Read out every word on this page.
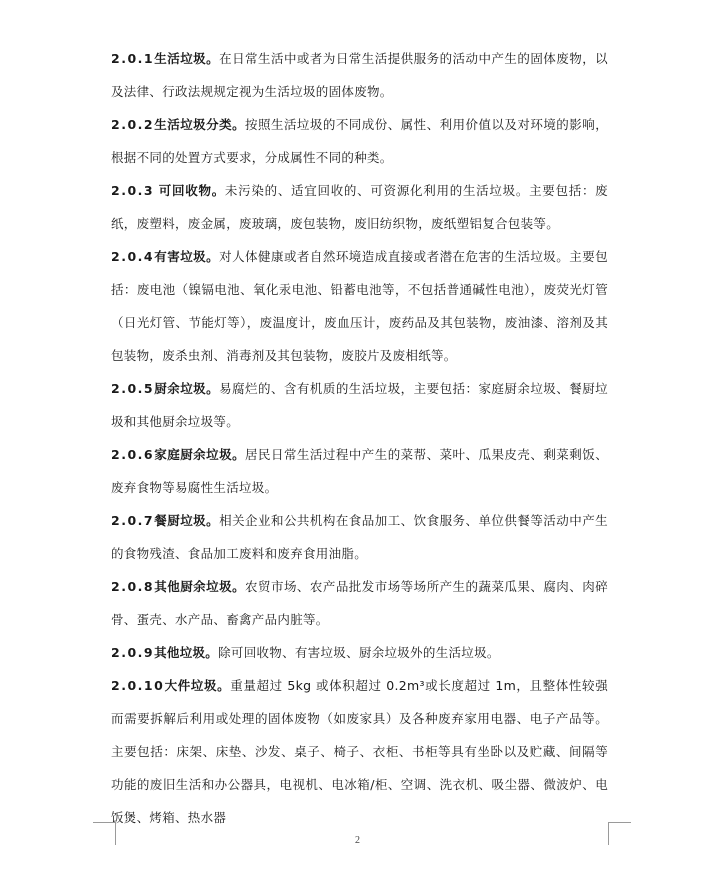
2.0.1生活垃圾。在日常生活中或者为日常生活提供服务的活动中产生的固体废物，以及法律、行政法规规定视为生活垃圾的固体废物。

2.0.2生活垃圾分类。按照生活垃圾的不同成份、属性、利用价值以及对环境的影响，根据不同的处置方式要求，分成属性不同的种类。

2.0.3 可回收物。未污染的、适宜回收的、可资源化利用的生活垃圾。主要包括：废纸，废塑料，废金属，废玻璃，废包装物，废旧纺织物，废纸塑铝复合包装等。

2.0.4有害垃圾。对人体健康或者自然环境造成直接或者潜在危害的生活垃圾。主要包括：废电池（镍镉电池、氧化汞电池、铅蓄电池等，不包括普通碱性电池），废荧光灯管（日光灯管、节能灯等），废温度计，废血压计，废药品及其包装物，废油漆、溶剂及其包装物，废杀虫剂、消毒剂及其包装物，废胶片及废相纸等。

2.0.5厨余垃圾。易腐烂的、含有机质的生活垃圾，主要包括：家庭厨余垃圾、餐厨垃圾和其他厨余垃圾等。

2.0.6家庭厨余垃圾。居民日常生活过程中产生的菜帮、菜叶、瓜果皮壳、剩菜剩饭、废弃食物等易腐性生活垃圾。

2.0.7餐厨垃圾。相关企业和公共机构在食品加工、饮食服务、单位供餐等活动中产生的食物残渣、食品加工废料和废弃食用油脂。

2.0.8其他厨余垃圾。农贸市场、农产品批发市场等场所产生的蔬菜瓜果、腐肉、肉碎骨、蛋壳、水产品、畜禽产品内脏等。

2.0.9其他垃圾。除可回收物、有害垃圾、厨余垃圾外的生活垃圾。

2.0.10大件垃圾。重量超过 5kg 或体积超过 0.2m³或长度超过 1m，且整体性较强而需要拆解后利用或处理的固体废物（如废家具）及各种废弃家用电器、电子产品等。主要包括：床架、床垫、沙发、桌子、椅子、衣柜、书柜等具有坐卧以及贮藏、间隔等功能的废旧生活和办公器具，电视机、电冰箱/柜、空调、洗衣机、吸尘器、微波炉、电饭煲、烤箱、热水器

2
